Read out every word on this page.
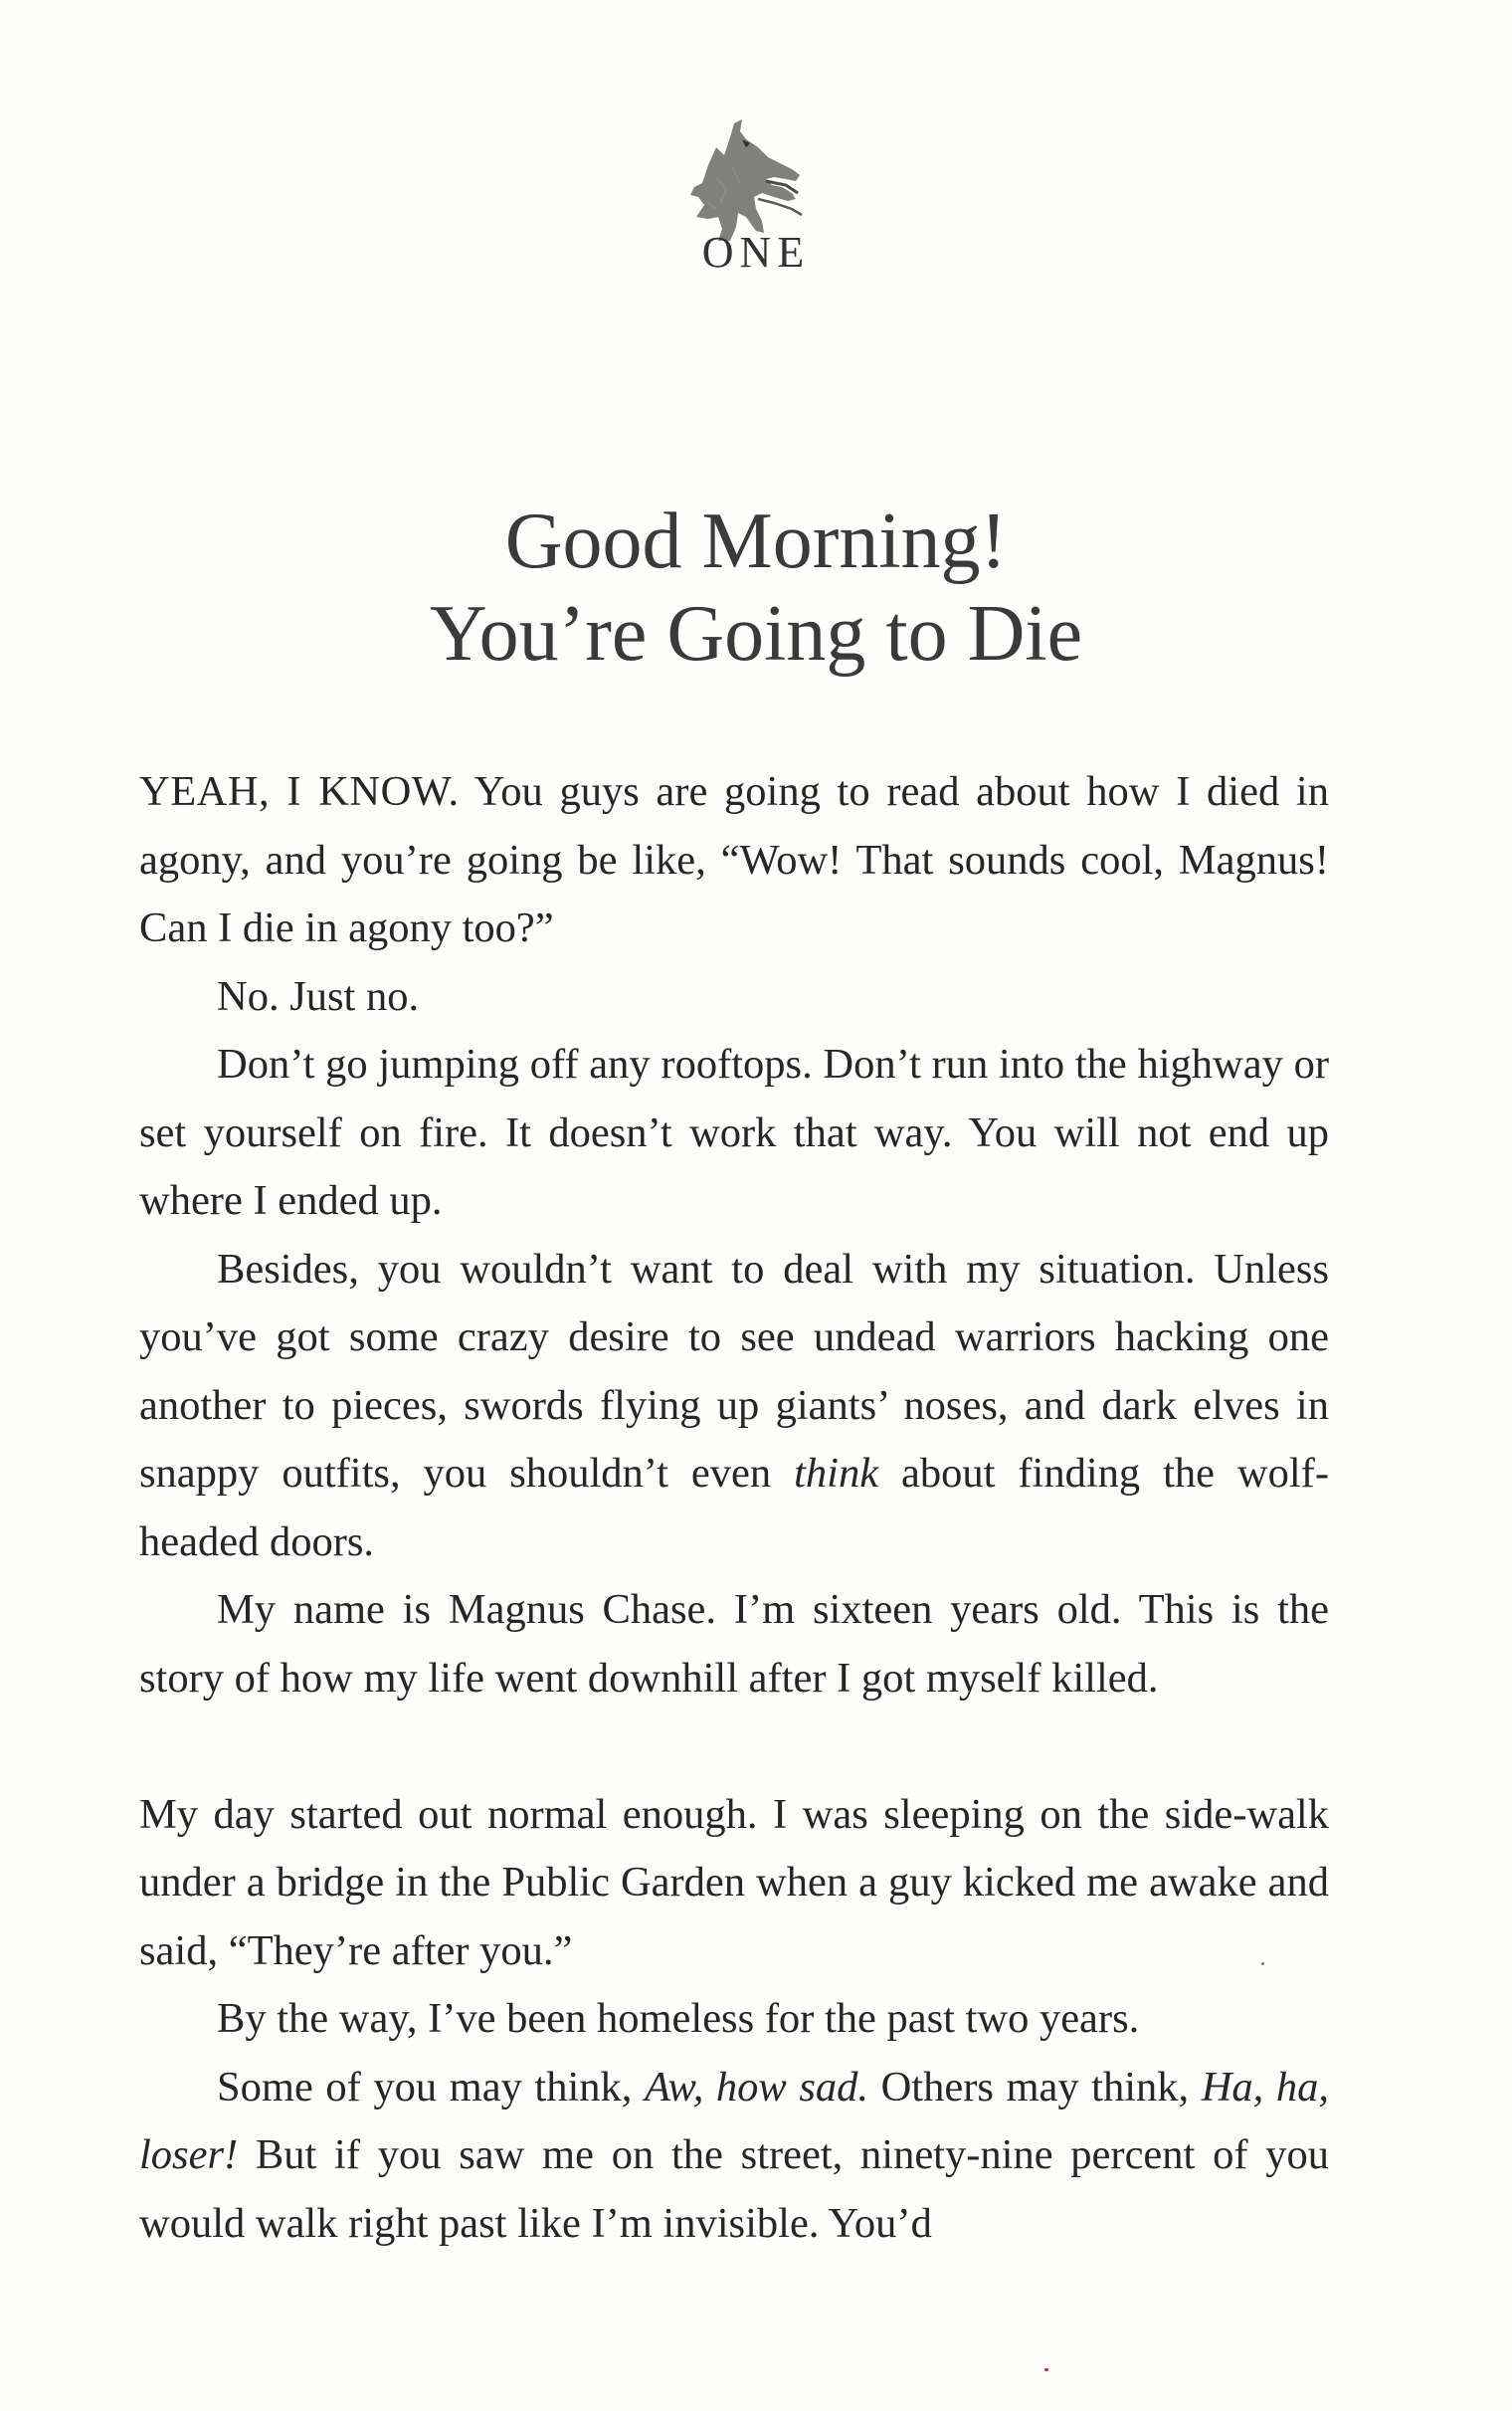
ONE
Good Morning!
You’re Going to Die

YEAH, I KNOW. You guys are going to read about how I died in agony, and you’re going be like, “Wow! That sounds cool, Magnus! Can I die in agony too?”

No. Just no.

Don’t go jumping off any rooftops. Don’t run into the highway or set yourself on fire. It doesn’t work that way. You will not end up where I ended up.

Besides, you wouldn’t want to deal with my situation. Unless you’ve got some crazy desire to see undead warriors hacking one another to pieces, swords flying up giants’ noses, and dark elves in snappy outfits, you shouldn’t even think about finding the wolf-headed doors.

My name is Magnus Chase. I’m sixteen years old. This is the story of how my life went downhill after I got myself killed.

My day started out normal enough. I was sleeping on the side-walk under a bridge in the Public Garden when a guy kicked me awake and said, “They’re after you.”

By the way, I’ve been homeless for the past two years.

Some of you may think, Aw, how sad. Others may think, Ha, ha, loser! But if you saw me on the street, ninety-nine percent of you would walk right past like I’m invisible. You’d
